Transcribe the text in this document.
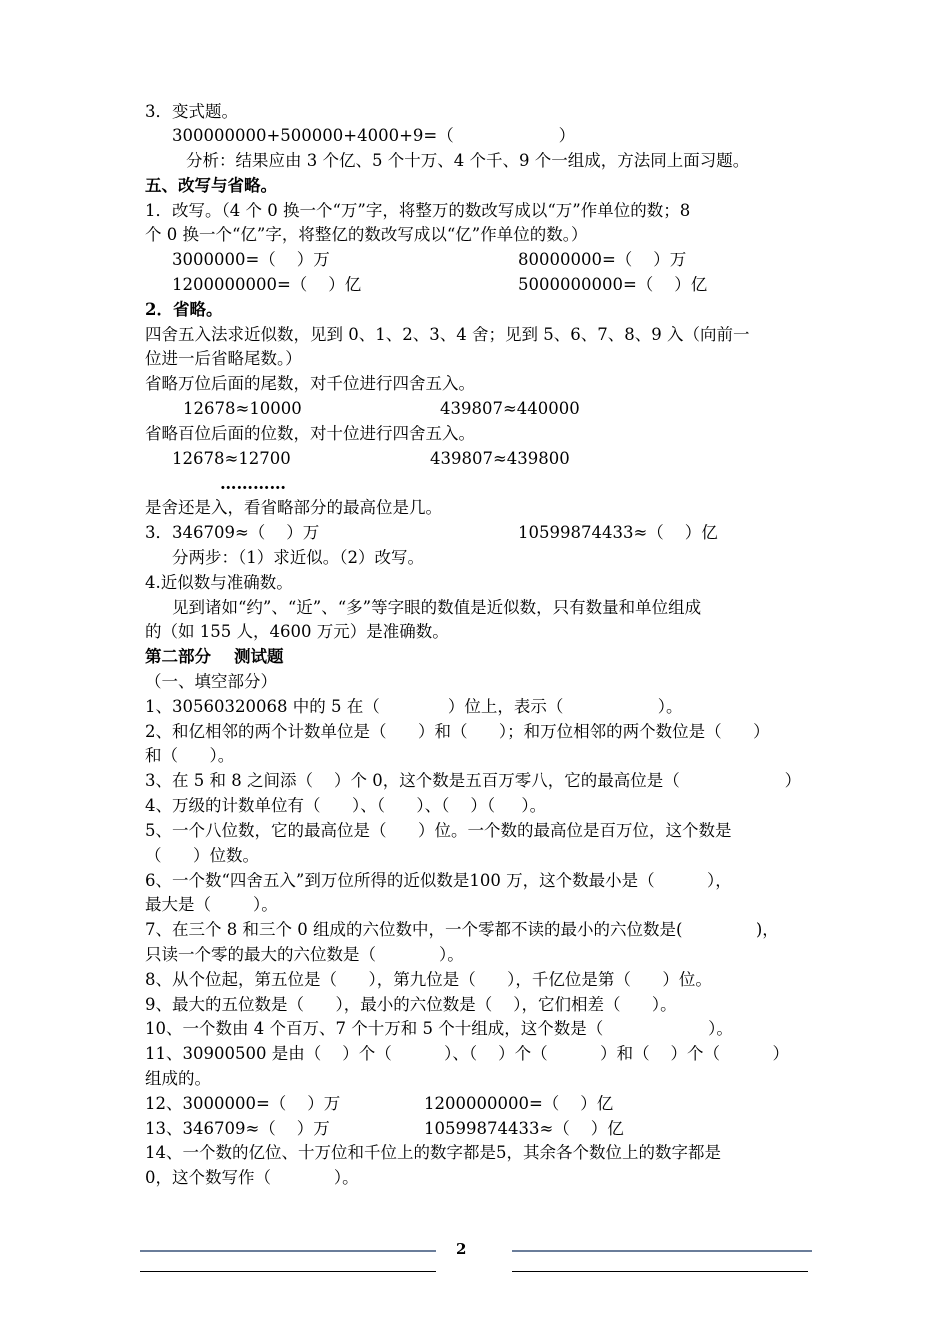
3．变式题。
300000000+500000+4000+9=（                    ）
分析：结果应由 3 个亿、5 个十万、4 个千、9 个一组成，方法同上面习题。
五、改写与省略。
1．改写。（4 个 0 换一个“万”字，将整万的数改写成以“万”作单位的数；8
个 0 换一个“亿”字，将整亿的数改写成以“亿”作单位的数。）
3000000=（    ）万	80000000=（    ）万
1200000000=（    ）亿	5000000000=（    ）亿
2．省略。
四舍五入法求近似数，见到 0、1、2、3、4 舍；见到 5、6、7、8、9 入（向前一
位进一后省略尾数。）
省略万位后面的尾数，对千位进行四舍五入。
12678≈10000	439807≈440000
省略百位后面的位数，对十位进行四舍五入。
12678≈12700	439807≈439800
…………
是舍还是入，看省略部分的最高位是几。
3．346709≈（    ）万	10599874433≈（    ）亿
分两步：（1）求近似。（2）改写。
4.近似数与准确数。
见到诸如“约”、“近”、“多”等字眼的数值是近似数，只有数量和单位组成
的（如 155 人，4600 万元）是准确数。
第二部分    测试题
（一、填空部分）
1、30560320068 中的 5 在（             ）位上，表示（                  ）。
2、和亿相邻的两个计数单位是（      ）和（      ）；和万位相邻的两个数位是（      ）
和（      ）。
3、在 5 和 8 之间添（    ）个 0，这个数是五百万零八，它的最高位是（                    ）
4、万级的计数单位有（      ）、（      ）、（    ）（     ）。
5、一个八位数，它的最高位是（      ）位。一个数的最高位是百万位，这个数是
（      ）位数。
6、一个数“四舍五入”到万位所得的近似数是100 万，这个数最小是（          ），
最大是（        ）。
7、在三个 8 和三个 0 组成的六位数中，一个零都不读的最小的六位数是(              )，
只读一个零的最大的六位数是（            ）。
8、从个位起，第五位是（      ），第九位是（      ），千亿位是第（      ）位。
9、最大的五位数是（      ），最小的六位数是（    ），它们相差（      ）。
10、一个数由 4 个百万、7 个十万和 5 个十组成，这个数是（                    ）。
11、30900500 是由（    ）个（          ）、（    ）个（          ）和（    ）个（          ）
组成的。
12、3000000=（    ）万	1200000000=（    ）亿
13、346709≈（    ）万	10599874433≈（    ）亿
14、一个数的亿位、十万位和千位上的数字都是5，其余各个数位上的数字都是
0，这个数写作（            ）。
2
